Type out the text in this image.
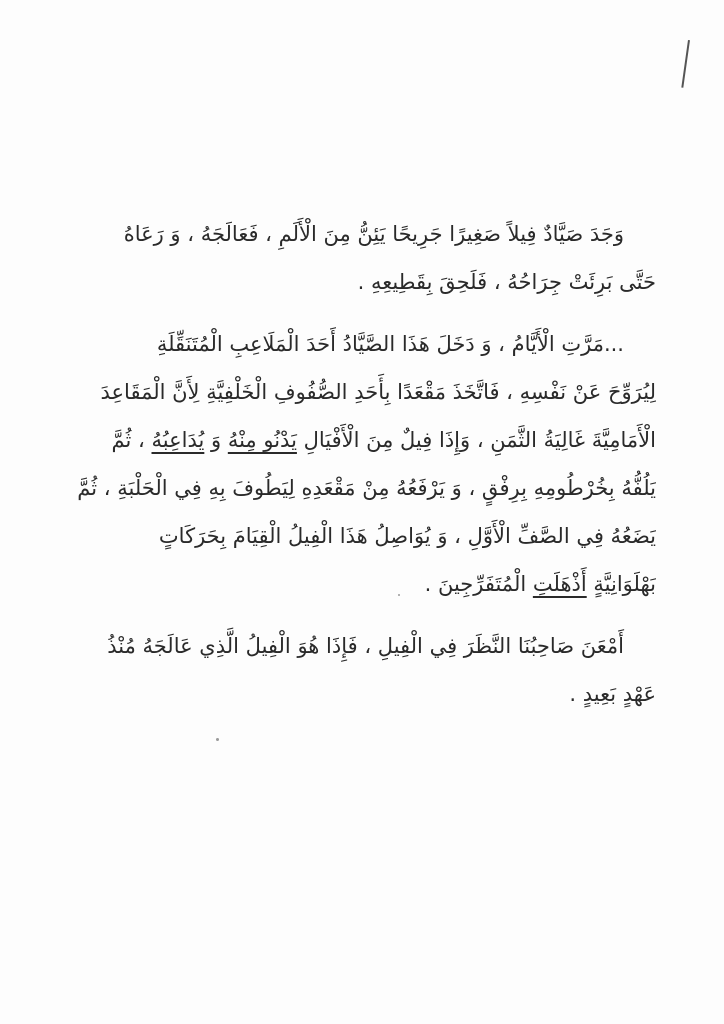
وَجَدَ صَيَّادٌ فِيلاً صَغِيرًا جَرِيحًا يَئِنُّ مِنَ الْأَلَمِ ، فَعَالَجَهُ ، وَ رَعَاهُ
حَتَّى بَرِئَتْ جِرَاحُهُ ، فَلَحِقَ بِقَطِيعِهِ .

...مَرَّتِ الْأَيَّامُ ، وَ دَخَلَ هَذَا الصَّيَّادُ أَحَدَ الْمَلَاعِبِ الْمُتَنَقِّلَةِ
لِيُرَوِّحَ عَنْ نَفْسِهِ ، فَاتَّخَذَ مَقْعَدًا بِأَحَدِ الصُّفُوفِ الْخَلْفِيَّةِ لِأَنَّ الْمَقَاعِدَ
الْأَمَامِيَّةَ غَالِيَةُ الثَّمَنِ ، وَإِذَا فِيلٌ مِنَ الْأَفْيَالِ يَدْنُو مِنْهُ وَ يُدَاعِبُهُ ، ثُمَّ
يَلُفُّهُ بِخُرْطُومِهِ بِرِفْقٍ ، وَ يَرْفَعُهُ مِنْ مَقْعَدِهِ لِيَطُوفَ بِهِ فِي الْحَلْبَةِ ، ثُمَّ
يَضَعُهُ فِي الصَّفِّ الْأَوَّلِ ، وَ يُوَاصِلُ هَذَا الْفِيلُ الْقِيَامَ بِحَرَكَاتٍ
بَهْلَوَانِيَّةٍ أَذْهَلَتِ الْمُتَفَرِّجِينَ .

أَمْعَنَ صَاحِبُنَا النَّظَرَ فِي الْفِيلِ ، فَإِذَا هُوَ الْفِيلُ الَّذِي عَالَجَهُ مُنْذُ
عَهْدٍ بَعِيدٍ .
